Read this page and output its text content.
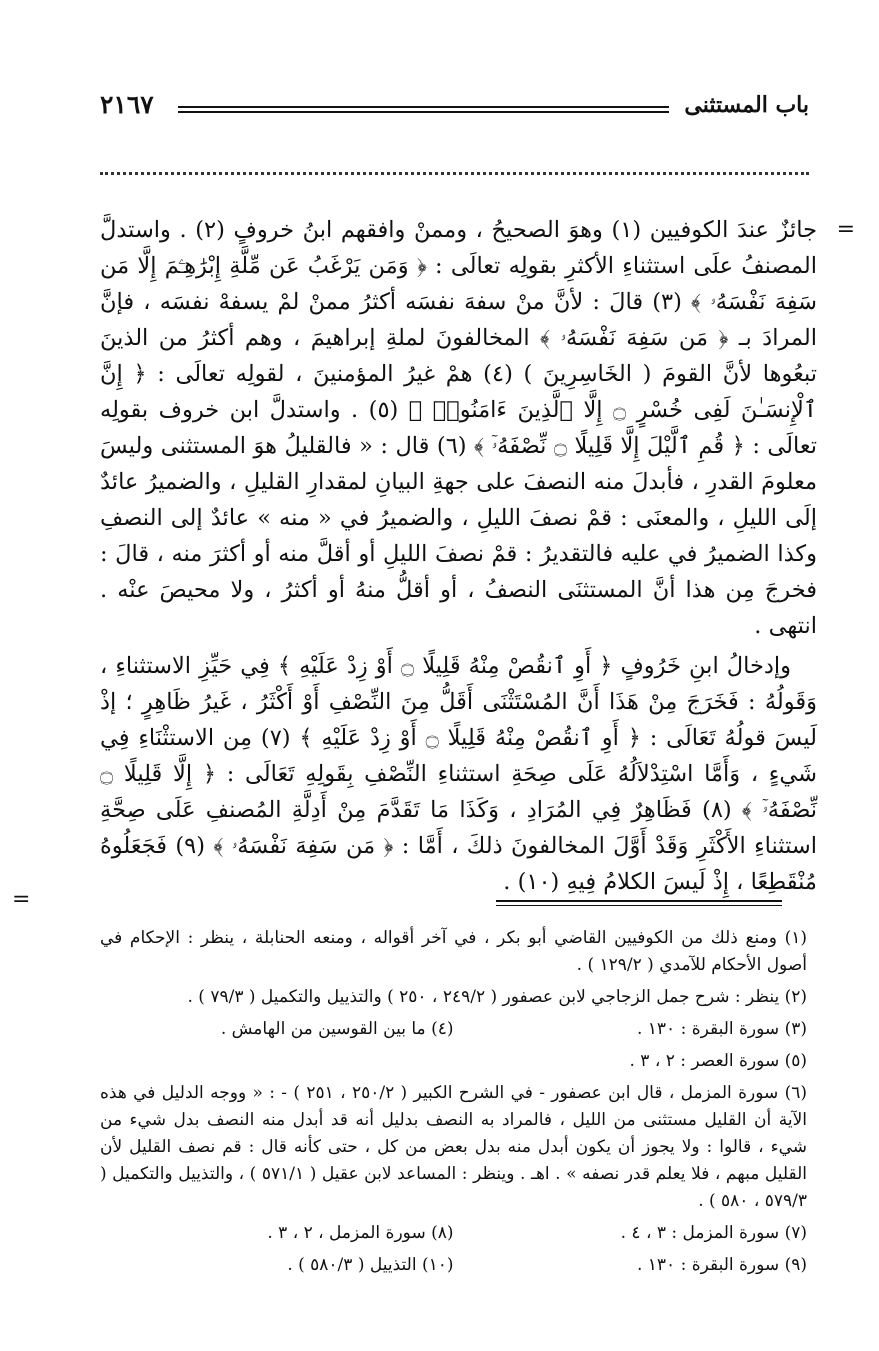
باب المستثنى
٢١٦٧
=

جائزٌ عندَ الكوفيين (١) وهوَ الصحيحُ ، وممنْ وافقهم ابنُ خروفٍ (٢) . واستدلَّ المصنفُ علَى استثناءِ الأكثرِ بقولِه تعالَى : ﴿ وَمَن يَرْغَبُ عَن مِّلَّةِ إِبْرَٰهِـۧمَ إِلَّا مَن سَفِهَ نَفْسَهُۥ ﴾ (٣) قالَ : لأنَّ منْ سفهَ نفسَه أكثرُ ممنْ لمْ يسفهْ نفسَه ، فإنَّ المرادَ بـ ﴿ مَن سَفِهَ نَفْسَهُۥ ﴾ المخالفونَ لملةِ إبراهيمَ ، وهم أكثرُ من الذينَ تبعُوها لأنَّ القومَ ( الخَاسِرِينَ ) (٤) همْ غيرُ المؤمنينَ ، لقولِه تعالَى : ﴿ إِنَّ ٱلْإِنسَـٰنَ لَفِى خُسْرٍ ۝ إِلَّا ٱلَّذِينَ ءَامَنُوا۟ ﴾ (٥) . واستدلَّ ابن خروف بقولِه تعالَى : ﴿ قُمِ ٱلَّيْلَ إِلَّا قَلِيلًا ۝ نِّصْفَهُۥٓ ﴾ (٦) قال : « فالقليلُ هوَ المستثنى وليسَ معلومَ القدرِ ، فأبدلَ منه النصفَ على جهةِ البيانِ لمقدارِ القليلِ ، والضميرُ عائدٌ إلَى الليلِ ، والمعنَى : قمْ نصفَ الليلِ ، والضميرُ في « منه » عائدٌ إلى النصفِ وكذا الضميرُ في عليه فالتقديرُ : قمْ نصفَ الليلِ أو أقلَّ منه أو أكثرَ منه ، قالَ : فخرجَ مِن هذا أنَّ المستثنَى النصفُ ، أو أقلُّ منهُ أو أكثرُ ، ولا محيصَ عنْه . انتهى .

وإدخالُ ابنِ خَرُوفٍ ﴿ أَوِ ٱنقُصْ مِنْهُ قَلِيلًا ۝ أَوْ زِدْ عَلَيْهِ ﴾ فِي حَيِّزِ الاستثناءِ ، وَقَولُهُ : فَخَرَجَ مِنْ هَذَا أَنَّ المُسْتَثْنَى أَقَلُّ مِنَ النِّصْفِ أَوْ أَكْثَرُ ، غَيرُ ظَاهِرٍ ؛ إذْ لَيسَ قولُهُ تَعَالَى : ﴿ أَوِ ٱنقُصْ مِنْهُ قَلِيلًا ۝ أَوْ زِدْ عَلَيْهِ ﴾ (٧) مِن الاستثْنَاءِ فِي شَيءٍ ، وَأَمَّا اسْتِدْلاَلُهُ عَلَى صِحَةِ استثناءِ النِّصْفِ بِقَولِهِ تَعَالَى : ﴿ إِلَّا قَلِيلًا ۝ نِّصْفَهُۥٓ ﴾ (٨) فَظَاهِرٌ فِي المُرَادِ ، وَكَذَا مَا تَقَدَّمَ مِنْ أَدِلَّةِ المُصنفِ عَلَى صِحَّةِ استثناءِ الأَكْثَرِ وَقَدْ أَوَّلَ المخالفونَ ذلكَ ، أَمَّا : ﴿ مَن سَفِهَ نَفْسَهُۥ ﴾ (٩) فَجَعَلُوهُ مُنْقَطِعًا ، إِذْ لَيسَ الكلامُ فِيهِ (١٠) .

=
(١) ومنع ذلك من الكوفيين القاضي أبو بكر ، في آخر أقواله ، ومنعه الحنابلة ، ينظر : الإحكام في أصول الأحكام للآمدي ( ١٢٩/٢ ) .
(٢) ينظر : شرح جمل الزجاجي لابن عصفور ( ٢٤٩/٢ ، ٢٥٠ ) والتذييل والتكميل ( ٧٩/٣ ) .
(٣) سورة البقرة : ١٣٠ .
(٤) ما بين القوسين من الهامش .
(٥) سورة العصر : ٢ ، ٣ .
(٦) سورة المزمل ، قال ابن عصفور - في الشرح الكبير ( ٢٥٠/٢ ، ٢٥١ ) - : « ووجه الدليل في هذه الآية أن القليل مستثنى من الليل ، فالمراد به النصف بدليل أنه قد أبدل منه النصف بدل شيء من شيء ، قالوا : ولا يجوز أن يكون أبدل منه بدل بعض من كل ، حتى كأنه قال : قم نصف القليل لأن القليل مبهم ، فلا يعلم قدر نصفه » . اهـ . وينظر : المساعد لابن عقيل ( ٥٧١/١ ) ، والتذييل والتكميل ( ٥٧٩/٣ ، ٥٨٠ ) .
(٧) سورة المزمل : ٣ ، ٤ .
(٨) سورة المزمل ، ٢ ، ٣ .
(٩) سورة البقرة : ١٣٠ .
(١٠) التذييل ( ٥٨٠/٣ ) .
